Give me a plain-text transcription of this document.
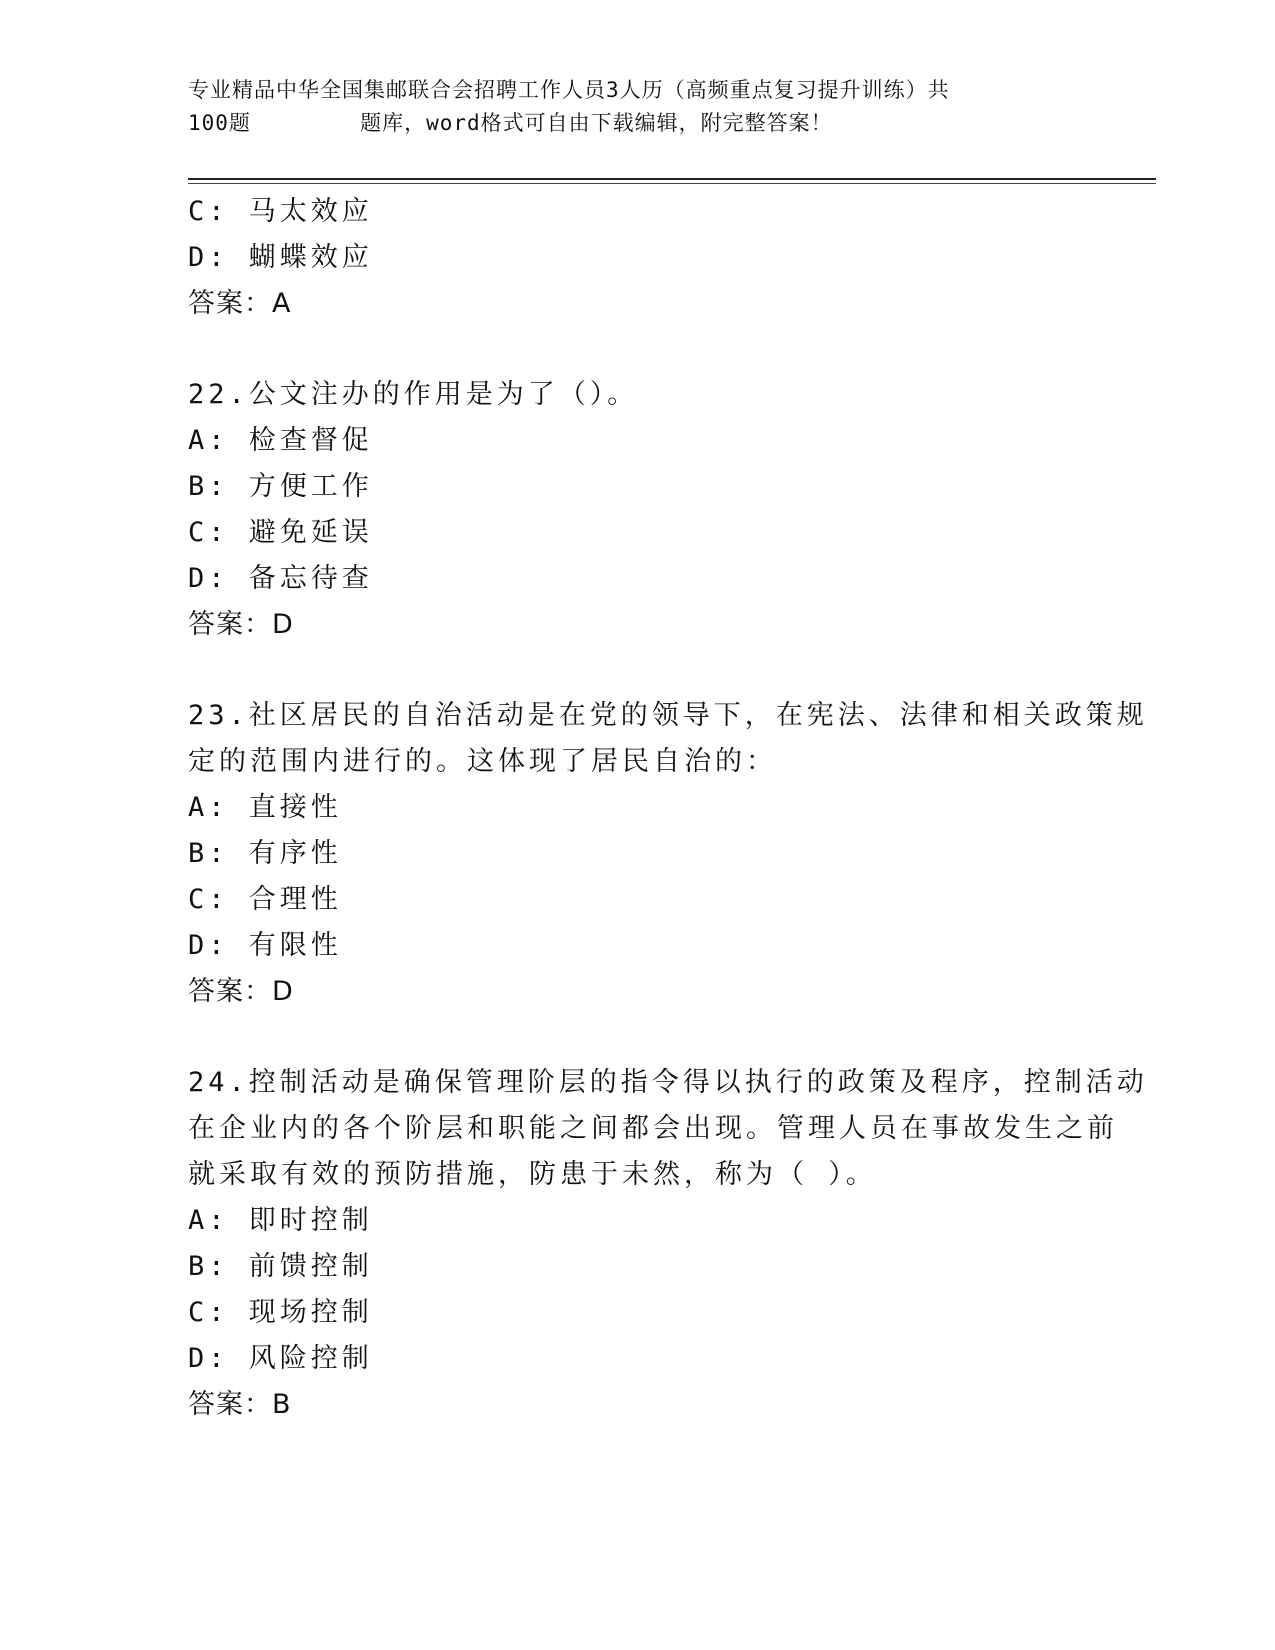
专业精品中华全国集邮联合会招聘工作人员3人历（高频重点复习提升训练）共
100题        题库，word格式可自由下载编辑，附完整答案！
C: 马太效应
D: 蝴蝶效应
答案：A
22.公文注办的作用是为了（）。
A: 检查督促
B: 方便工作
C: 避免延误
D: 备忘待查
答案：D
23.社区居民的自治活动是在党的领导下，在宪法、法律和相关政策规
定的范围内进行的。这体现了居民自治的：
A: 直接性
B: 有序性
C: 合理性
D: 有限性
答案：D
24.控制活动是确保管理阶层的指令得以执行的政策及程序，控制活动
在企业内的各个阶层和职能之间都会出现。管理人员在事故发生之前
就采取有效的预防措施，防患于未然，称为（ ）。
A: 即时控制
B: 前馈控制
C: 现场控制
D: 风险控制
答案：B
